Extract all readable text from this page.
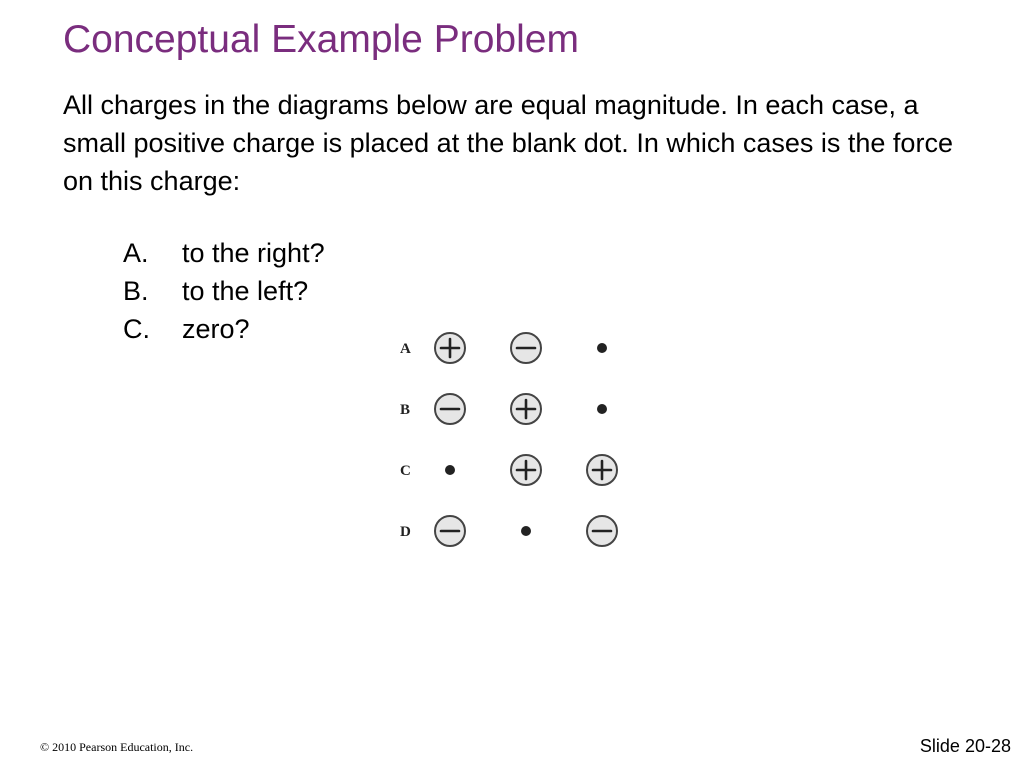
Conceptual Example Problem
All charges in the diagrams below are equal magnitude. In each case, a small positive charge is placed at the blank dot. In which cases is the force on this charge:
A.	to the right?
B.	to the left?
C.	zero?
A
B
C
D
© 2010 Pearson Education, Inc.	Slide 20-28
